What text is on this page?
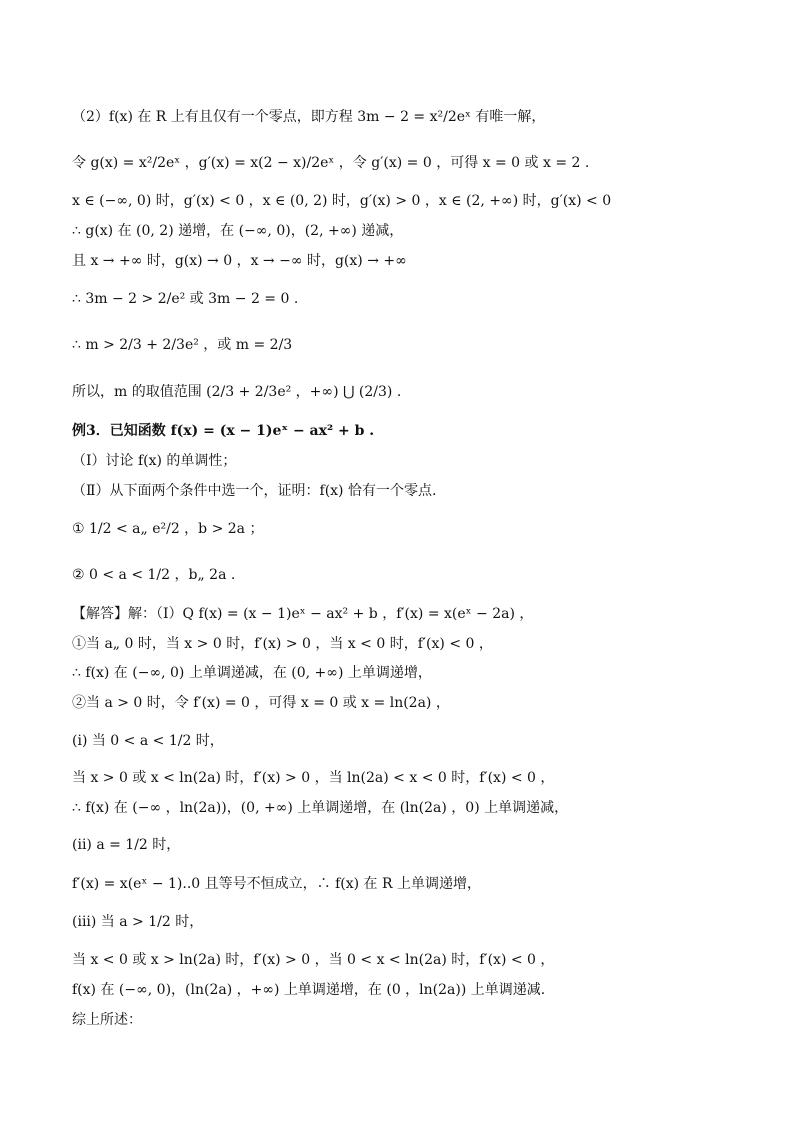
（2）f(x) 在 R 上有且仅有一个零点，即方程 3m − 2 = x²/2eˣ 有唯一解，
令 g(x) = x²/2eˣ ，g′(x) = x(2 − x)/2eˣ ，令 g′(x) = 0 ，可得 x = 0 或 x = 2 .
x ∈ (−∞, 0) 时，g′(x) < 0 ，x ∈ (0, 2) 时，g′(x) > 0 ，x ∈ (2, +∞) 时，g′(x) < 0
∴ g(x) 在 (0, 2) 递增，在 (−∞, 0)，(2, +∞) 递减，
且 x → +∞ 时，g(x) → 0 ，x → −∞ 时，g(x) → +∞
∴ 3m − 2 > 2/e² 或 3m − 2 = 0 .
∴ m > 2/3 + 2/3e² ，或 m = 2/3
所以，m 的取值范围 (2/3 + 2/3e² ，+∞) ⋃ (2/3) .
例3．已知函数 f(x) = (x − 1)eˣ − ax² + b .
（Ⅰ）讨论 f(x) 的单调性；
（Ⅱ）从下面两个条件中选一个，证明：f(x) 恰有一个零点.
① 1/2 < a„ e²/2 ，b > 2a ；
② 0 < a < 1/2 ，b„ 2a .
【解答】解：（Ⅰ）Q f(x) = (x − 1)eˣ − ax² + b ，f′(x) = x(eˣ − 2a) ，
①当 a„ 0 时，当 x > 0 时，f′(x) > 0 ，当 x < 0 时，f′(x) < 0 ，
∴ f(x) 在 (−∞, 0) 上单调递减，在 (0, +∞) 上单调递增，
②当 a > 0 时，令 f′(x) = 0 ，可得 x = 0 或 x = ln(2a) ，
(i) 当 0 < a < 1/2 时，
当 x > 0 或 x < ln(2a) 时，f′(x) > 0 ，当 ln(2a) < x < 0 时，f′(x) < 0 ，
∴ f(x) 在 (−∞ ，ln(2a))，(0, +∞) 上单调递增，在 (ln(2a) ，0) 上单调递减，
(ii) a = 1/2 时，
f′(x) = x(eˣ − 1)..0 且等号不恒成立，∴ f(x) 在 R 上单调递增，
(iii) 当 a > 1/2 时，
当 x < 0 或 x > ln(2a) 时，f′(x) > 0 ，当 0 < x < ln(2a) 时，f′(x) < 0 ，
f(x) 在 (−∞, 0)，(ln(2a) ，+∞) 上单调递增，在 (0 ，ln(2a)) 上单调递减.
综上所述：
